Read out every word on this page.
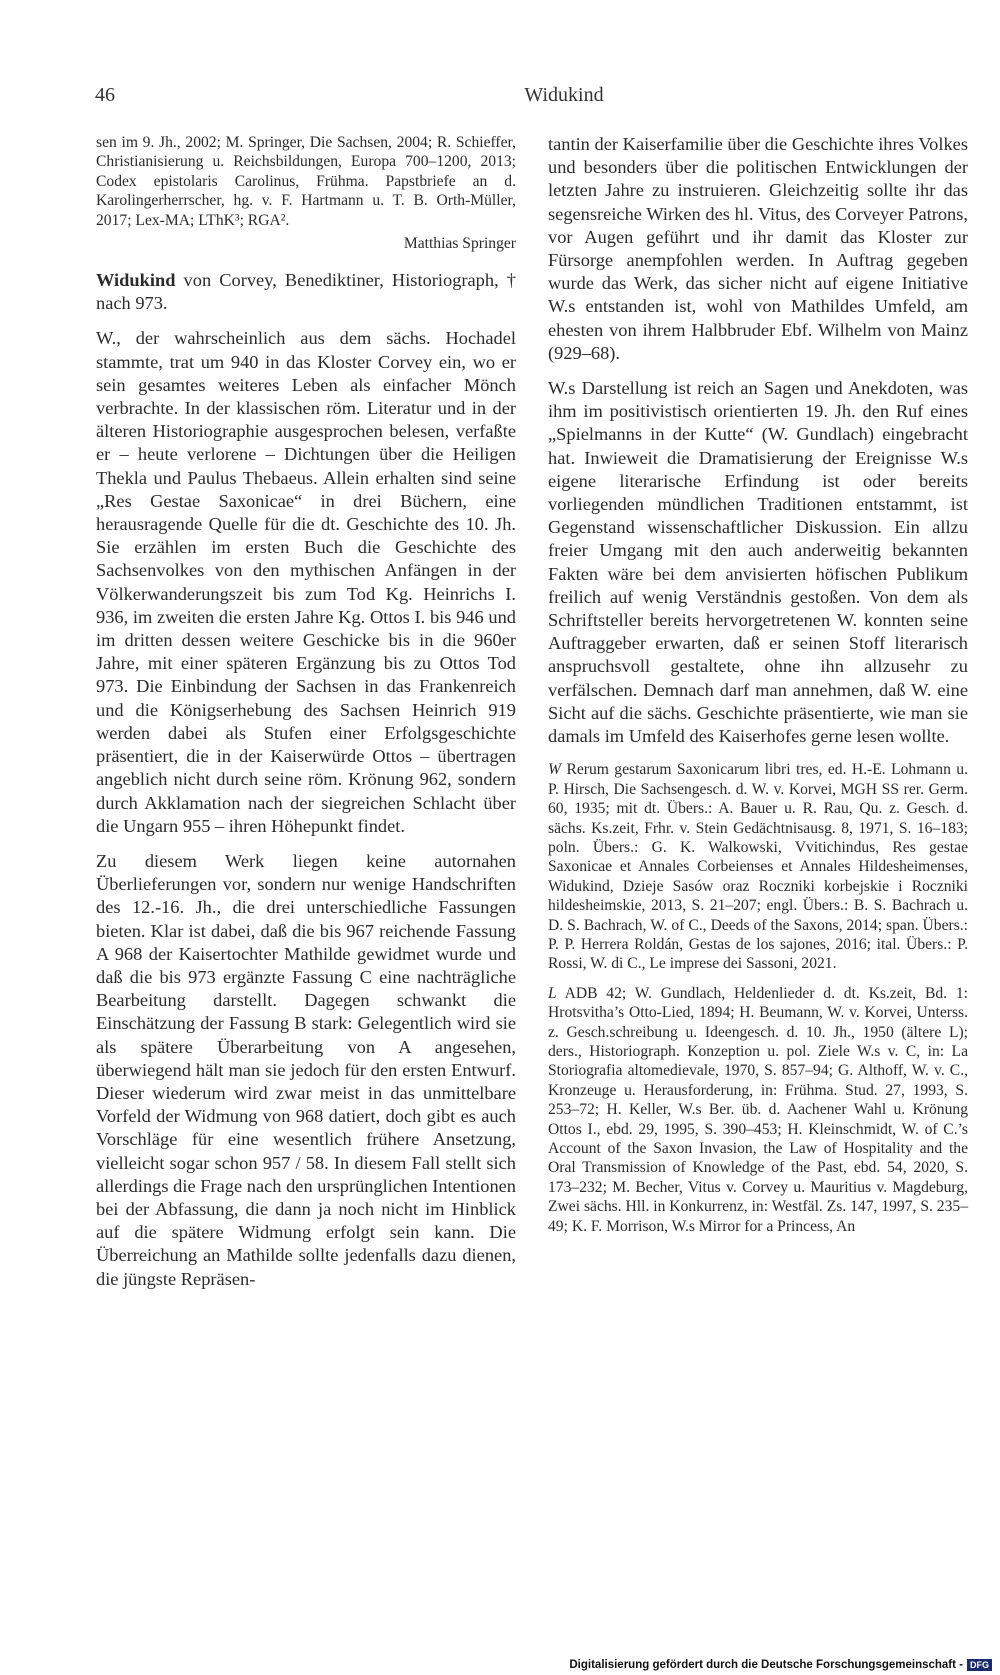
46	Widukind

sen im 9. Jh., 2002; M. Springer, Die Sachsen, 2004; R. Schieffer, Christianisierung u. Reichsbildungen, Europa 700–1200, 2013; Codex epistolaris Carolinus, Frühma. Papstbriefe an d. Karolingerherrscher, hg. v. F. Hartmann u. T. B. Orth-Müller, 2017; Lex-MA; LThK³; RGA².

Matthias Springer

Widukind von Corvey, Benediktiner, Historiograph, † nach 973.

W., der wahrscheinlich aus dem sächs. Hochadel stammte, trat um 940 in das Kloster Corvey ein, wo er sein gesamtes weiteres Leben als einfacher Mönch verbrachte. In der klassischen röm. Literatur und in der älteren Historiographie ausgesprochen belesen, verfaßte er – heute verlorene – Dichtungen über die Heiligen Thekla und Paulus Thebaeus. Allein erhalten sind seine „Res Gestae Saxonicae“ in drei Büchern, eine herausragende Quelle für die dt. Geschichte des 10. Jh. Sie erzählen im ersten Buch die Geschichte des Sachsenvolkes von den mythischen Anfängen in der Völkerwanderungszeit bis zum Tod Kg. Heinrichs I. 936, im zweiten die ersten Jahre Kg. Ottos I. bis 946 und im dritten dessen weitere Geschicke bis in die 960er Jahre, mit einer späteren Ergänzung bis zu Ottos Tod 973. Die Einbindung der Sachsen in das Frankenreich und die Königserhebung des Sachsen Heinrich 919 werden dabei als Stufen einer Erfolgsgeschichte präsentiert, die in der Kaiserwürde Ottos – übertragen angeblich nicht durch seine röm. Krönung 962, sondern durch Akklamation nach der siegreichen Schlacht über die Ungarn 955 – ihren Höhepunkt findet.

Zu diesem Werk liegen keine autornahen Überlieferungen vor, sondern nur wenige Handschriften des 12.-16. Jh., die drei unterschiedliche Fassungen bieten. Klar ist dabei, daß die bis 967 reichende Fassung A 968 der Kaisertochter Mathilde gewidmet wurde und daß die bis 973 ergänzte Fassung C eine nachträgliche Bearbeitung darstellt. Dagegen schwankt die Einschätzung der Fassung B stark: Gelegentlich wird sie als spätere Überarbeitung von A angesehen, überwiegend hält man sie jedoch für den ersten Entwurf. Dieser wiederum wird zwar meist in das unmittelbare Vorfeld der Widmung von 968 datiert, doch gibt es auch Vorschläge für eine wesentlich frühere Ansetzung, vielleicht sogar schon 957 / 58. In diesem Fall stellt sich allerdings die Frage nach den ursprünglichen Intentionen bei der Abfassung, die dann ja noch nicht im Hinblick auf die spätere Widmung erfolgt sein kann. Die Überreichung an Mathilde sollte jedenfalls dazu dienen, die jüngste Repräsen-

tantin der Kaiserfamilie über die Geschichte ihres Volkes und besonders über die politischen Entwicklungen der letzten Jahre zu instruieren. Gleichzeitig sollte ihr das segensreiche Wirken des hl. Vitus, des Corveyer Patrons, vor Augen geführt und ihr damit das Kloster zur Fürsorge anempfohlen werden. In Auftrag gegeben wurde das Werk, das sicher nicht auf eigene Initiative W.s entstanden ist, wohl von Mathildes Umfeld, am ehesten von ihrem Halbbruder Ebf. Wilhelm von Mainz (929–68).

W.s Darstellung ist reich an Sagen und Anekdoten, was ihm im positivistisch orientierten 19. Jh. den Ruf eines „Spielmanns in der Kutte“ (W. Gundlach) eingebracht hat. Inwieweit die Dramatisierung der Ereignisse W.s eigene literarische Erfindung ist oder bereits vorliegenden mündlichen Traditionen entstammt, ist Gegenstand wissenschaftlicher Diskussion. Ein allzu freier Umgang mit den auch anderweitig bekannten Fakten wäre bei dem anvisierten höfischen Publikum freilich auf wenig Verständnis gestoßen. Von dem als Schriftsteller bereits hervorgetretenen W. konnten seine Auftraggeber erwarten, daß er seinen Stoff literarisch anspruchsvoll gestaltete, ohne ihn allzusehr zu verfälschen. Demnach darf man annehmen, daß W. eine Sicht auf die sächs. Geschichte präsentierte, wie man sie damals im Umfeld des Kaiserhofes gerne lesen wollte.

W Rerum gestarum Saxonicarum libri tres, ed. H.-E. Lohmann u. P. Hirsch, Die Sachsengesch. d. W. v. Korvei, MGH SS rer. Germ. 60, 1935; mit dt. Übers.: A. Bauer u. R. Rau, Qu. z. Gesch. d. sächs. Ks.zeit, Frhr. v. Stein Gedächtnisausg. 8, 1971, S. 16–183; poln. Übers.: G. K. Walkowski, Vvitichindus, Res gestae Saxonicae et Annales Corbeienses et Annales Hildesheimenses, Widukind, Dzieje Sasów oraz Roczniki korbejskie i Roczniki hildesheimskie, 2013, S. 21–207; engl. Übers.: B. S. Bachrach u. D. S. Bachrach, W. of C., Deeds of the Saxons, 2014; span. Übers.: P. P. Herrera Roldán, Gestas de los sajones, 2016; ital. Übers.: P. Rossi, W. di C., Le imprese dei Sassoni, 2021.

L ADB 42; W. Gundlach, Heldenlieder d. dt. Ks.zeit, Bd. 1: Hrotsvitha’s Otto-Lied, 1894; H. Beumann, W. v. Korvei, Unterss. z. Gesch.schreibung u. Ideengesch. d. 10. Jh., 1950 (ältere L); ders., Historiograph. Konzeption u. pol. Ziele W.s v. C, in: La Storiografia altomedievale, 1970, S. 857–94; G. Althoff, W. v. C., Kronzeuge u. Herausforderung, in: Frühma. Stud. 27, 1993, S. 253–72; H. Keller, W.s Ber. üb. d. Aachener Wahl u. Krönung Ottos I., ebd. 29, 1995, S. 390–453; H. Kleinschmidt, W. of C.’s Account of the Saxon Invasion, the Law of Hospitality and the Oral Transmission of Knowledge of the Past, ebd. 54, 2020, S. 173–232; M. Becher, Vitus v. Corvey u. Mauritius v. Magdeburg, Zwei sächs. Hll. in Konkurrenz, in: Westfäl. Zs. 147, 1997, S. 235–49; K. F. Morrison, W.s Mirror for a Princess, An

Digitalisierung gefördert durch die Deutsche Forschungsgemeinschaft - DFG
